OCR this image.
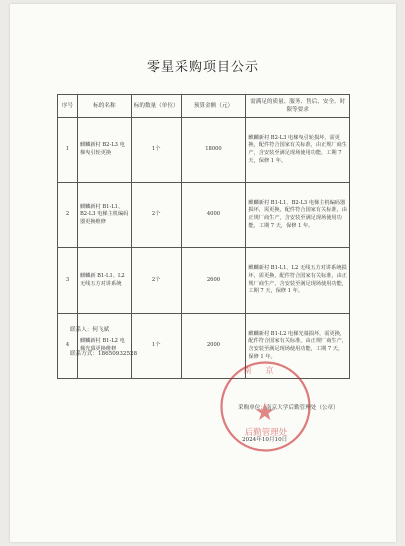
零星采购项目公示
序号	标的名称	标的数量（单位）	预算金额（元）	需满足的质量、服务、售后、安全、时限等要求
1	麒麟新村 B2-L3 电梯曳引轮更换	1个	18000	麒麟新村 B2-L3 电梯曳引轮损坏，需更换，配件符合国家有关标准，由正规厂商生产，含安装至满足现场使用功能，工期 7 天，保修 1 年。
2	麒麟新村 B1-L1、B2-L3 电梯主机编码器更换维修	2个	4000	麒麟新村 B1-L1、B2-L3 电梯主机编码器损坏，需更换，配件符合国家有关标准，由正规厂商生产，含安装至满足现场使用功能，工期 7 天，保修 1 年。
3	麒麟新 B1-L1、L2 无线五方对讲系统	2个	2600	麒麟新村 B1-L1、L2 无线五方对讲系统损坏，需更换，配件符合国家有关标准，由正规厂商生产，含安装至满足现场使用功能，工期 7 天，保修 1 年。
4	麒麟新村 B1-L2 电梯光幕更换维修	1个	2000	麒麟新村 B1-L2 电梯光幕损坏，需更换，配件符合国家有关标准，由正规厂商生产，含安装至满足现场使用功能，工期 7 天，保修 1 年。
联系人：何飞斌
联系方式：18650932528
南京
★
后勤管理处
采购单位：南京大学后勤管理处（公章）
2024年10月10日
